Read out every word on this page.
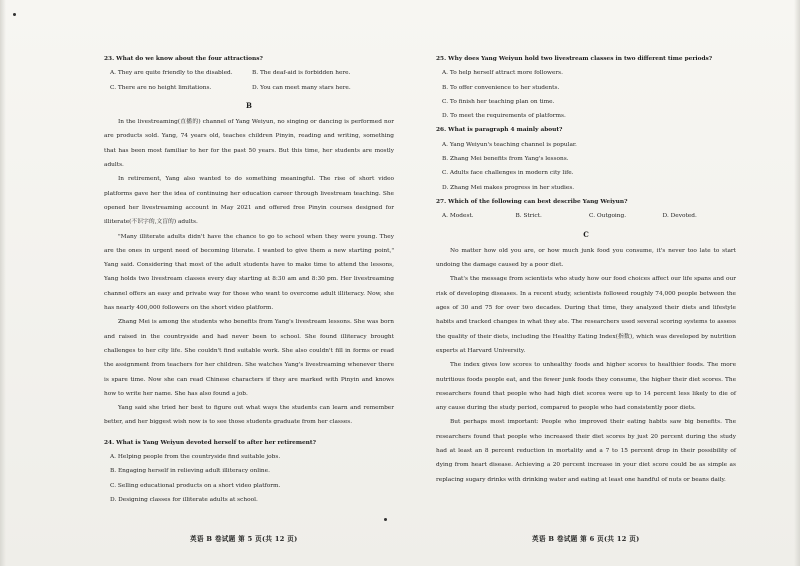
23. What do we know about the four attractions?

A. They are quite friendly to the disabled.	B. The deaf-aid is forbidden here.
C. There are no height limitations.	D. You can meet many stars here.
B

In the livestreaming(直播的) channel of Yang Weiyun, no singing or dancing is performed nor are products sold. Yang, 74 years old, teaches children Pinyin, reading and writing, something that has been most familiar to her for the past 50 years. But this time, her students are mostly adults.

In retirement, Yang also wanted to do something meaningful. The rise of short video platforms gave her the idea of continuing her education career through livestream teaching. She opened her livestreaming account in May 2021 and offered free Pinyin courses designed for illiterate(不识字的,文盲的) adults.

"Many illiterate adults didn't have the chance to go to school when they were young. They are the ones in urgent need of becoming literate. I wanted to give them a new starting point," Yang said. Considering that most of the adult students have to make time to attend the lessons, Yang holds two livestream classes every day starting at 8:30 am and 8:30 pm. Her livestreaming channel offers an easy and private way for those who want to overcome adult illiteracy. Now, she has nearly 400,000 followers on the short video platform.

Zhang Mei is among the students who benefits from Yang's livestream lessons. She was born and raised in the countryside and had never been to school. She found illiteracy brought challenges to her city life. She couldn't find suitable work. She also couldn't fill in forms or read the assignment from teachers for her children. She watches Yang's livestreaming whenever there is spare time. Now she can read Chinese characters if they are marked with Pinyin and knows how to write her name. She has also found a job.

Yang said she tried her best to figure out what ways the students can learn and remember better, and her biggest wish now is to see those students graduate from her classes.

24. What is Yang Weiyun devoted herself to after her retirement?

A. Helping people from the countryside find suitable jobs.

B. Engaging herself in relieving adult illiteracy online.

C. Selling educational products on a short video platform.

D. Designing classes for illiterate adults at school.

英语 B 卷试题 第 5 页(共 12 页)

25. Why does Yang Weiyun hold two livestream classes in two different time periods?

A. To help herself attract more followers.

B. To offer convenience to her students.

C. To finish her teaching plan on time.

D. To meet the requirements of platforms.

26. What is paragraph 4 mainly about?

A. Yang Weiyun's teaching channel is popular.

B. Zhang Mei benefits from Yang's lessons.

C. Adults face challenges in modern city life.

D. Zhang Mei makes progress in her studies.

27. Which of the following can best describe Yang Weiyun?

A. Modest.	B. Strict.	C. Outgoing.	D. Devoted.
C

No matter how old you are, or how much junk food you consume, it's never too late to start undoing the damage caused by a poor diet.

That's the message from scientists who study how our food choices affect our life spans and our risk of developing diseases. In a recent study, scientists followed roughly 74,000 people between the ages of 30 and 75 for over two decades. During that time, they analyzed their diets and lifestyle habits and tracked changes in what they ate. The researchers used several scoring systems to assess the quality of their diets, including the Healthy Eating Index(指数), which was developed by nutrition experts at Harvard University.

The index gives low scores to unhealthy foods and higher scores to healthier foods. The more nutritious foods people eat, and the fewer junk foods they consume, the higher their diet scores. The researchers found that people who had high diet scores were up to 14 percent less likely to die of any cause during the study period, compared to people who had consistently poor diets.

But perhaps most important: People who improved their eating habits saw big benefits. The researchers found that people who increased their diet scores by just 20 percent during the study had at least an 8 percent reduction in mortality and a 7 to 15 percent drop in their possibility of dying from heart disease. Achieving a 20 percent increase in your diet score could be as simple as replacing sugary drinks with drinking water and eating at least one handful of nuts or beans daily.

英语 B 卷试题 第 6 页(共 12 页)
